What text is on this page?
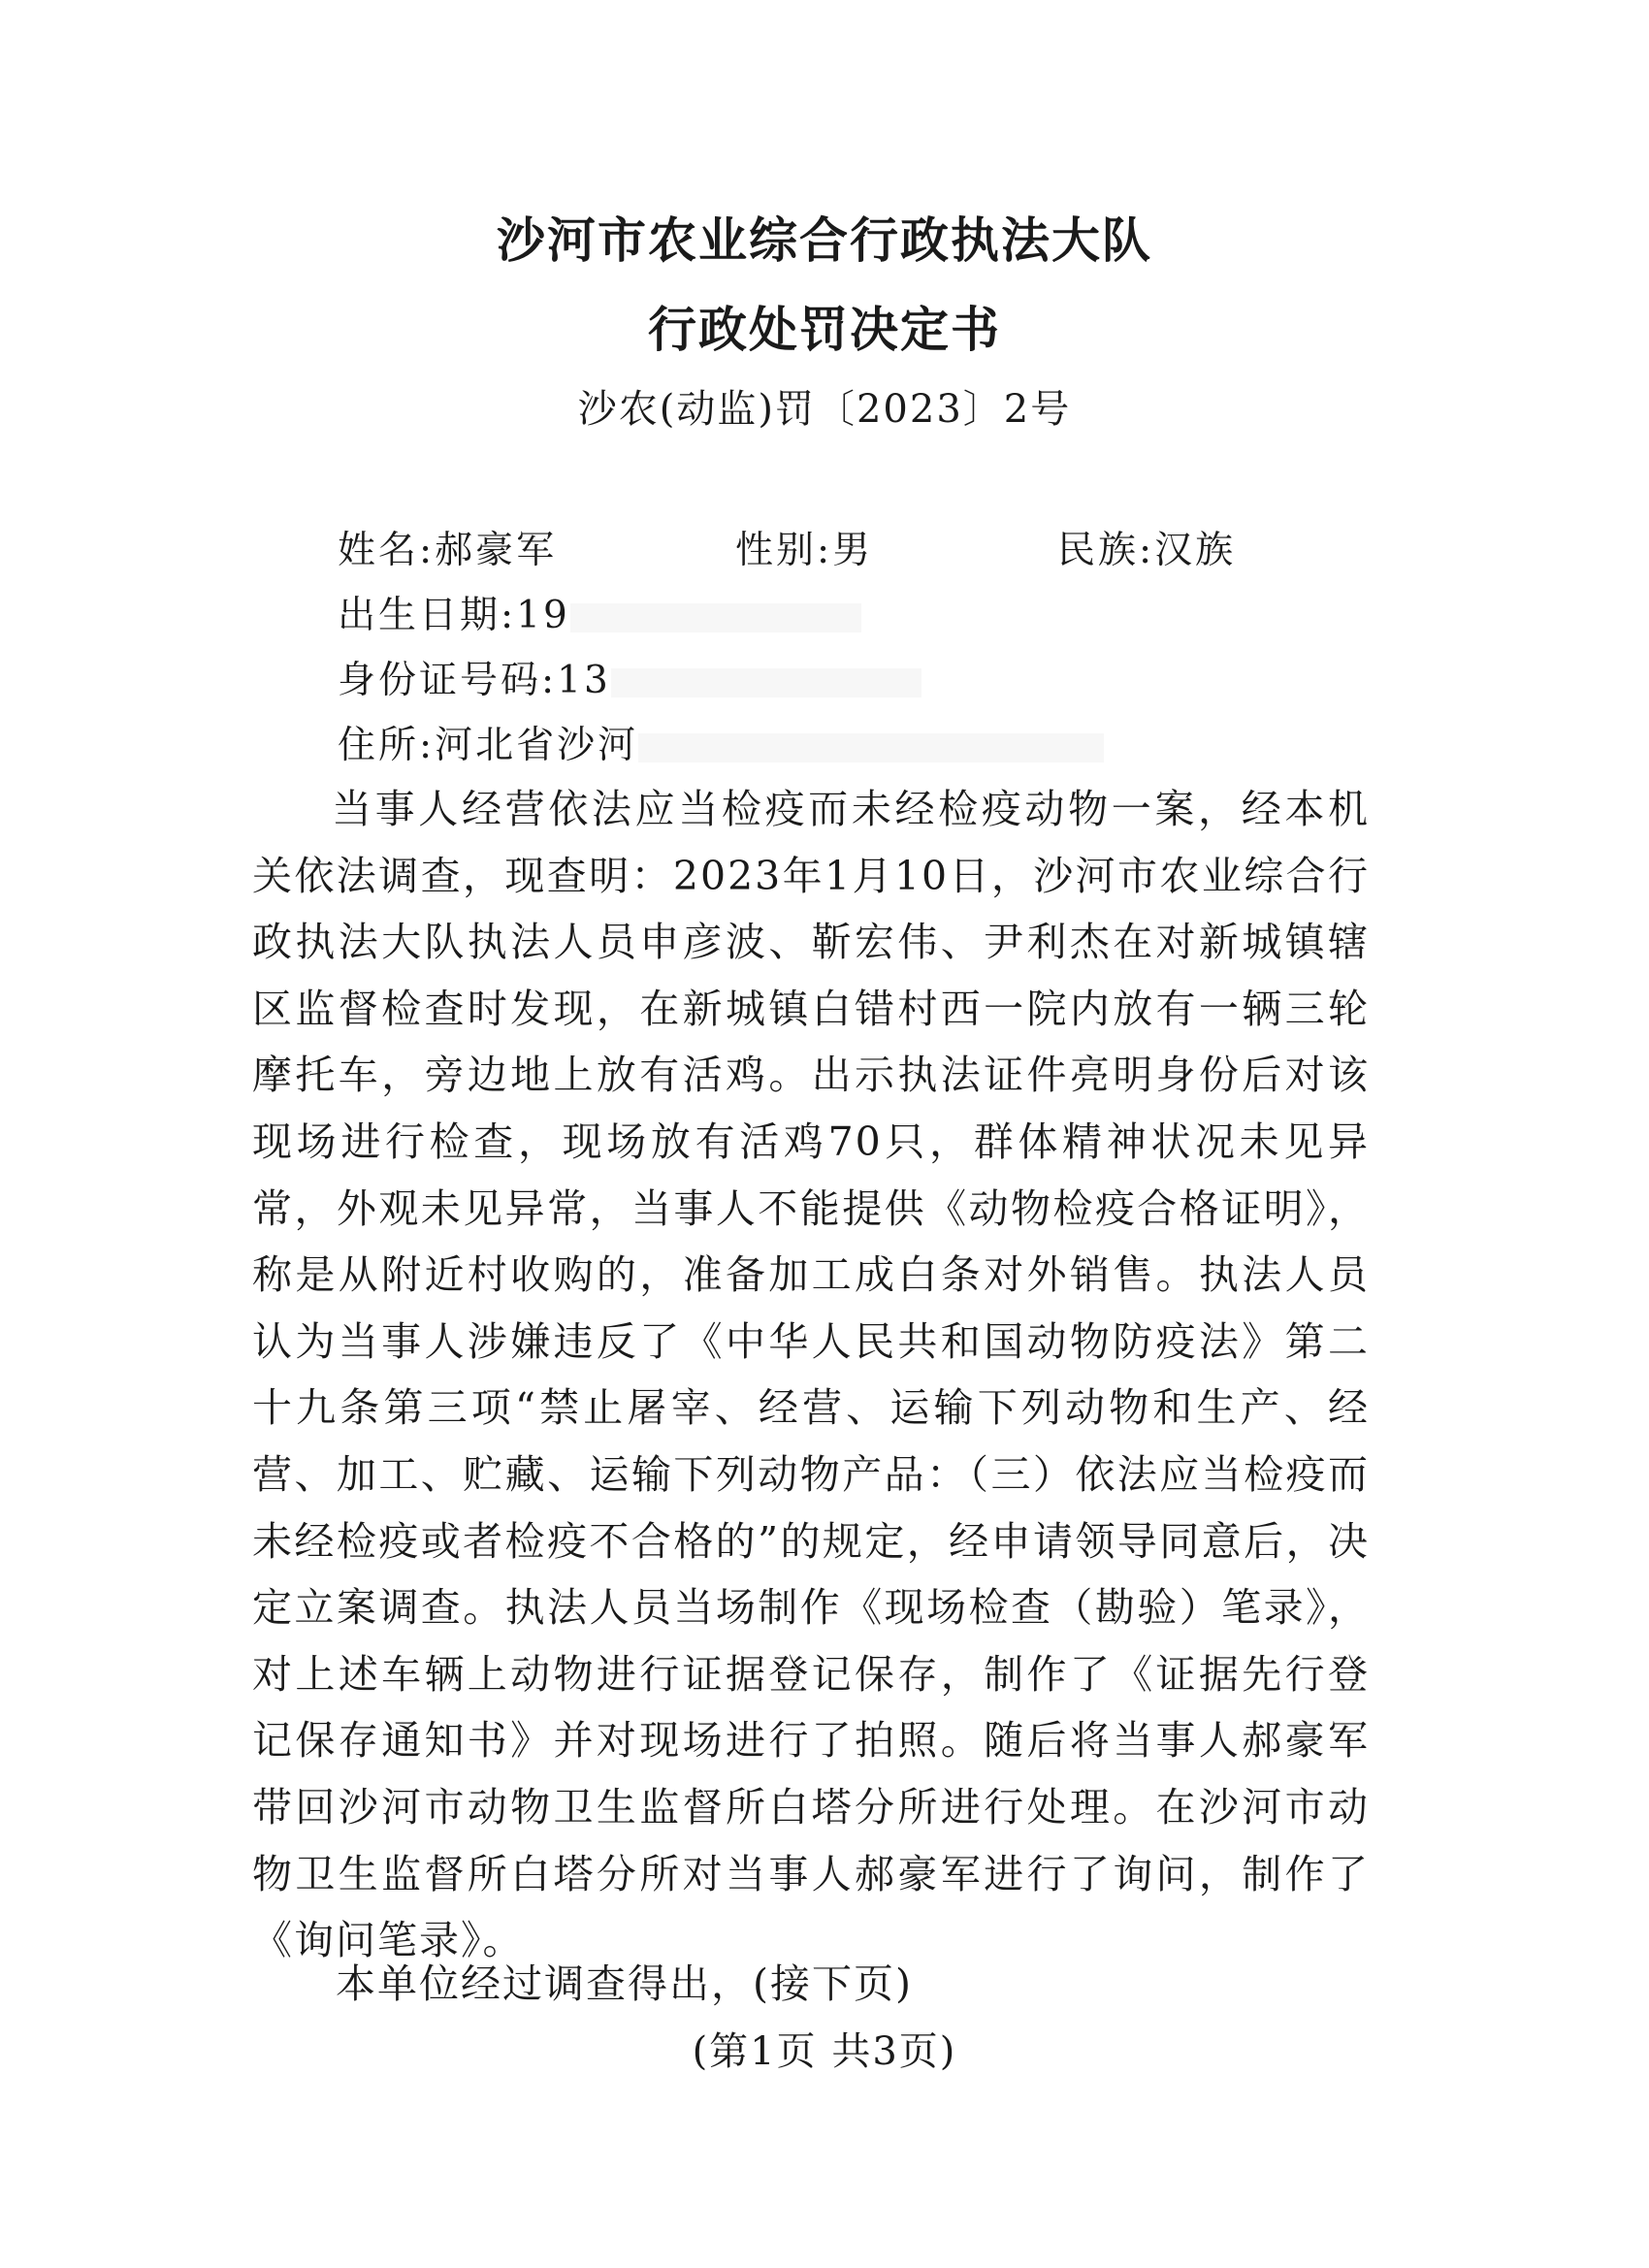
沙河市农业综合行政执法大队
行政处罚决定书
沙农(动监)罚〔2023〕2号
姓名:郝豪军	性别:男	民族:汉族
出生日期:19
身份证号码:13
住所:河北省沙河

当事人经营依法应当检疫而未经检疫动物一案，经本机关依法调查，现查明：2023年1月10日，沙河市农业综合行政执法大队执法人员申彦波、靳宏伟、尹利杰在对新城镇辖区监督检查时发现，在新城镇白错村西一院内放有一辆三轮摩托车，旁边地上放有活鸡。出示执法证件亮明身份后对该现场进行检查，现场放有活鸡70只，群体精神状况未见异常，外观未见异常，当事人不能提供《动物检疫合格证明》，称是从附近村收购的，准备加工成白条对外销售。执法人员认为当事人涉嫌违反了《中华人民共和国动物防疫法》第二十九条第三项“禁止屠宰、经营、运输下列动物和生产、经营、加工、贮藏、运输下列动物产品：（三）依法应当检疫而未经检疫或者检疫不合格的”的规定，经申请领导同意后，决定立案调查。执法人员当场制作《现场检查（勘验）笔录》，对上述车辆上动物进行证据登记保存，制作了《证据先行登记保存通知书》并对现场进行了拍照。随后将当事人郝豪军带回沙河市动物卫生监督所白塔分所进行处理。在沙河市动物卫生监督所白塔分所对当事人郝豪军进行了询问，制作了《询问笔录》。

本单位经过调查得出，(接下页)
(第1页 共3页)
